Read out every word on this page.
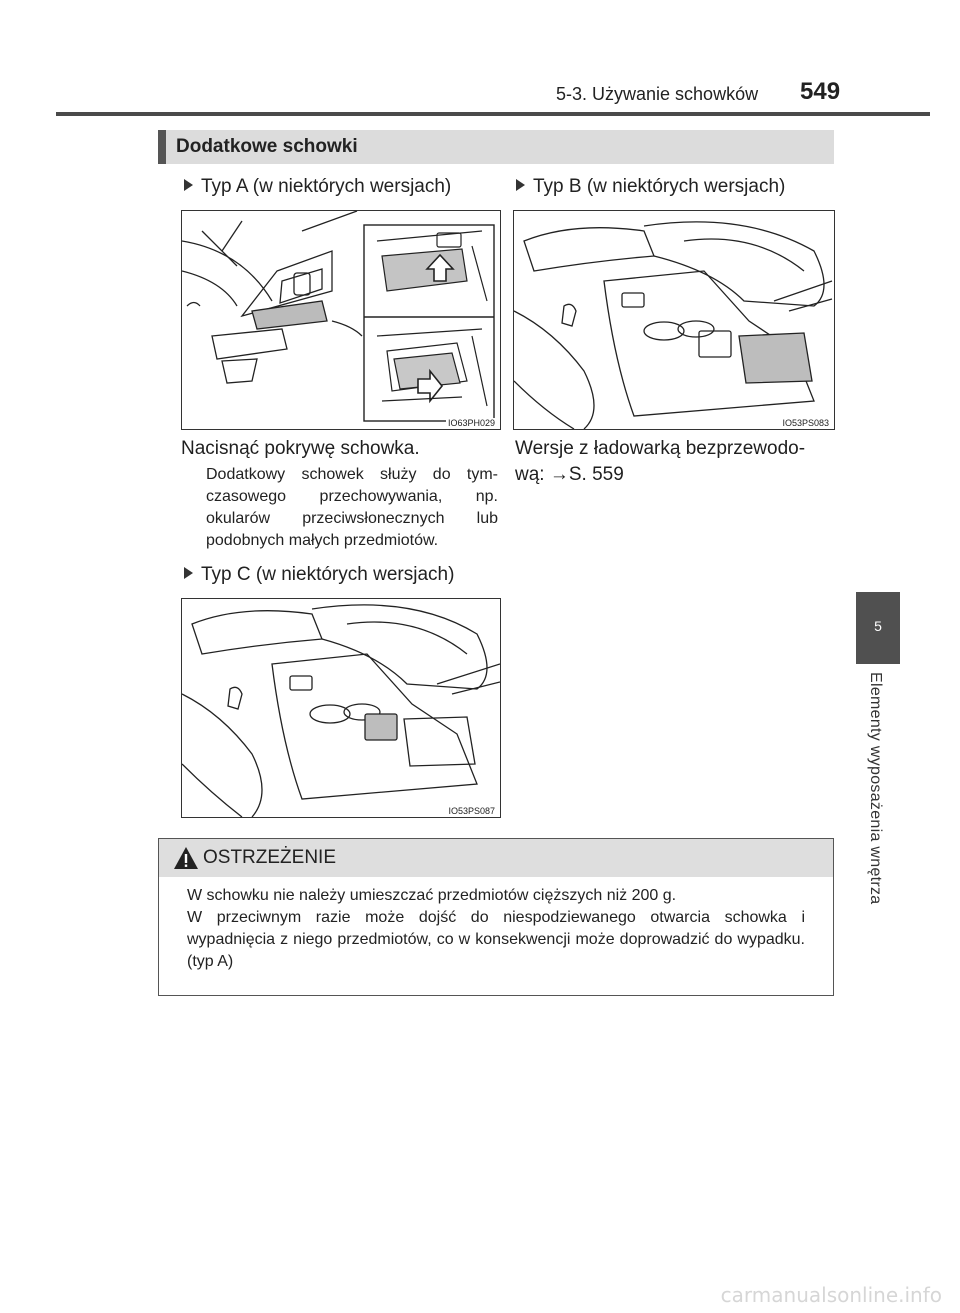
5-3. Używanie schowków 549
5
Elementy wyposażenia wnętrza
Dodatkowe schowki
Typ A (w niektórych wersjach)	Typ B (w niektórych wersjach)
IO63PH029	IO53PS083
Nacisnąć pokrywę schowka.
Dodatkowy schowek służy do tym-czasowego przechowywania, np. okularów przeciwsłonecznych lub podobnych małych przedmiotów.
Wersje z ładowarką bezprzewodo-
wą: →S. 559
Typ C (w niektórych wersjach)
IO53PS087
OSTRZEŻENIE

W schowku nie należy umieszczać przedmiotów cięższych niż 200 g.

W przeciwnym razie może dojść do niespodziewanego otwarcia schowka i wypadnięcia z niego przedmiotów, co w konsekwencji może doprowadzić do wypadku. (typ A)

carmanualsonline.info
